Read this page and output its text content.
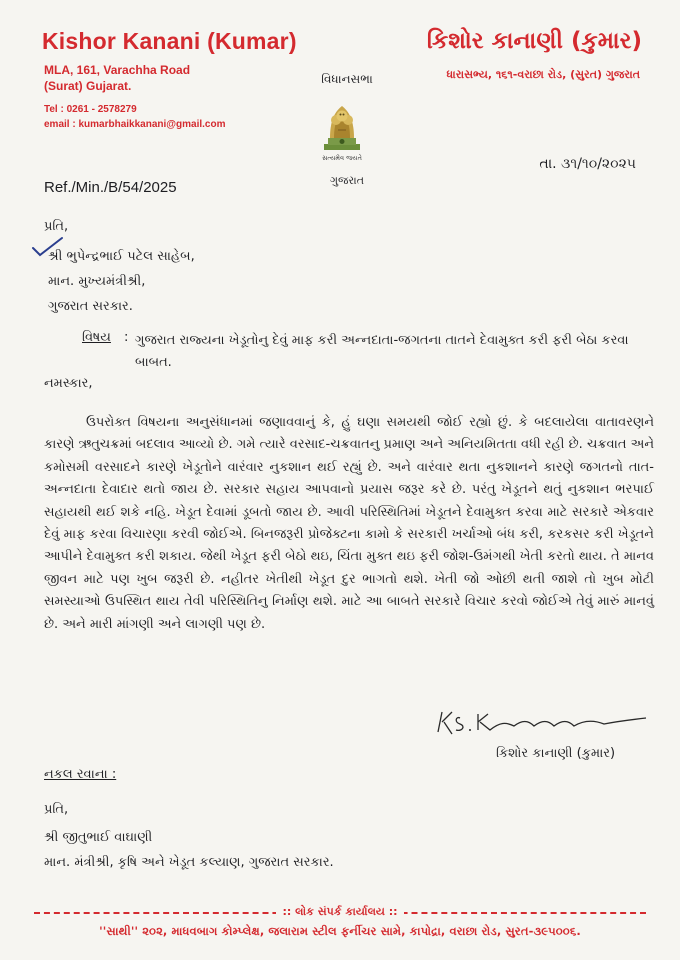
Kishor Kanani (Kumar)
MLA, 161, Varachha Road
(Surat) Gujarat.
Tel : 0261 - 2578279
email : kumarbhaikkanani@gmail.com
કિશોર કાનાણી (કુમાર)
ધારાસભ્ય, ૧૬૧-વરાછા રોડ, (સુરત) ગુજરાત
વિધાનસભા
સત્યમેવ જયતે
ગુજરાત
તા. ૩૧/૧૦/૨૦૨૫
Ref./Min./B/54/2025
પ્રતિ,
શ્રી ભુપેન્દ્રભાઈ પટેલ સાહેબ,
માન. મુખ્યમંત્રીશ્રી,
ગુજરાત સરકાર.
વિષય : ગુજરાત રાજ્યના ખેડૂતોનુ દેવું માફ કરી અન્નદાતા-જગતના તાતને દેવામુક્ત કરી ફરી બેઠા કરવા બાબત.
નમસ્કાર,
ઉપરોક્ત વિષયના અનુસંધાનમાં જણાવવાનું કે, હું ઘણા સમયથી જોઈ રહ્યો છું. કે બદલાયેલા વાતાવરણને કારણે ઋતુચક્રમાં બદલાવ આવ્યો છે. ગમે ત્યારે વરસાદ-ચક્રવાતનુ પ્રમાણ અને અનિયમિતતા વધી રહી છે. ચક્રવાત અને કમોસમી વરસાદને કારણે ખેડૂતોને વારંવાર નુકશાન થઈ રહ્યું છે. અને વારંવાર થતા નુકશાનને કારણે જગતનો તાત-અન્નદાતા દેવાદાર થતો જાય છે. સરકાર સહાય આપવાનો પ્રયાસ જરૂર કરે છે. પરંતુ ખેડૂતને થતું નુકશાન ભરપાઈ સહાયથી થઈ શકે નહિ. ખેડૂત દેવામાં ડૂબતો જાય છે. આવી પરિસ્થિતિમાં ખેડૂતને દેવામુક્ત કરવા માટે સરકારે એકવાર દેવું માફ કરવા વિચારણા કરવી જોઈએ. બિનજરૂરી પ્રોજેક્ટના કામો કે સરકારી ખર્ચાઓ બંધ કરી, કરકસર કરી ખેડૂતને આપીને દેવામુક્ત કરી શકાય. જેથી ખેડૂત ફરી બેઠો થઇ, ચિંતા મુક્ત થઇ ફરી જોશ-ઉમંગથી ખેતી કરતો થાય. તે માનવ જીવન માટે પણ ખુબ જરૂરી છે. નહીતર ખેતીથી ખેડૂત દુર ભાગતો થશે. ખેતી જો ઓછી થતી જાશે તો ખુબ મોટી સમસ્યાઓ ઉપસ્થિત થાય તેવી પરિસ્થિતિનુ નિર્માણ થશે. માટે આ બાબતે સરકારે વિચાર કરવો જોઈએ તેવું મારું માનવું છે. અને મારી માંગણી અને લાગણી પણ છે.
કિશોર કાનાણી (કુમાર)
નકલ રવાના :
પ્રતિ,
શ્રી જીતુભાઈ વાઘાણી
માન. મંત્રીશ્રી, કૃષિ અને ખેડૂત કલ્યાણ, ગુજરાત સરકાર.
:: લોક સંપર્ક કાર્યાલય ::
''સાથી'' ૨૦૨, માધવબાગ કોમ્પ્લેક્ષ, જલારામ સ્ટીલ ફર્નીચર સામે, કાપોદ્રા, વરાછા રોડ, સુરત-૩૯૫૦૦૬.
